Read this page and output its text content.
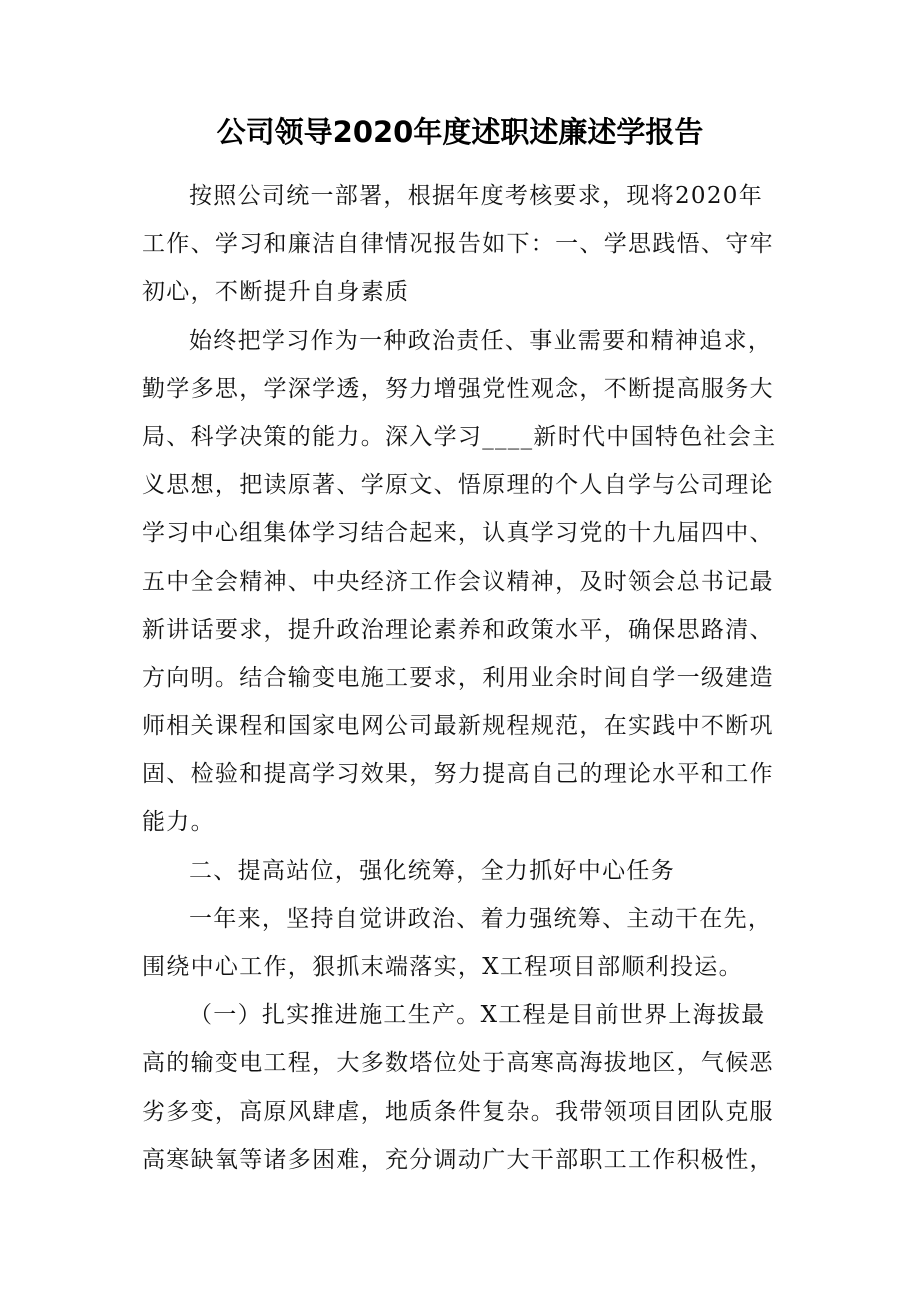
公司领导2020年度述职述廉述学报告

按照公司统一部署，根据年度考核要求，现将2020年

工作、学习和廉洁自律情况报告如下：一、学思践悟、守牢

初心，不断提升自身素质

始终把学习作为一种政治责任、事业需要和精神追求，

勤学多思，学深学透，努力增强党性观念，不断提高服务大

局、科学决策的能力。深入学习____新时代中国特色社会主

义思想，把读原著、学原文、悟原理的个人自学与公司理论

学习中心组集体学习结合起来，认真学习党的十九届四中、

五中全会精神、中央经济工作会议精神，及时领会总书记最

新讲话要求，提升政治理论素养和政策水平，确保思路清、

方向明。结合输变电施工要求，利用业余时间自学一级建造

师相关课程和国家电网公司最新规程规范，在实践中不断巩

固、检验和提高学习效果，努力提高自己的理论水平和工作

能力。

二、提高站位，强化统筹，全力抓好中心任务

一年来，坚持自觉讲政治、着力强统筹、主动干在先，

围绕中心工作，狠抓末端落实，X工程项目部顺利投运。

（一）扎实推进施工生产。X工程是目前世界上海拔最

高的输变电工程，大多数塔位处于高寒高海拔地区，气候恶

劣多变，高原风肆虐，地质条件复杂。我带领项目团队克服

高寒缺氧等诸多困难，充分调动广大干部职工工作积极性，
